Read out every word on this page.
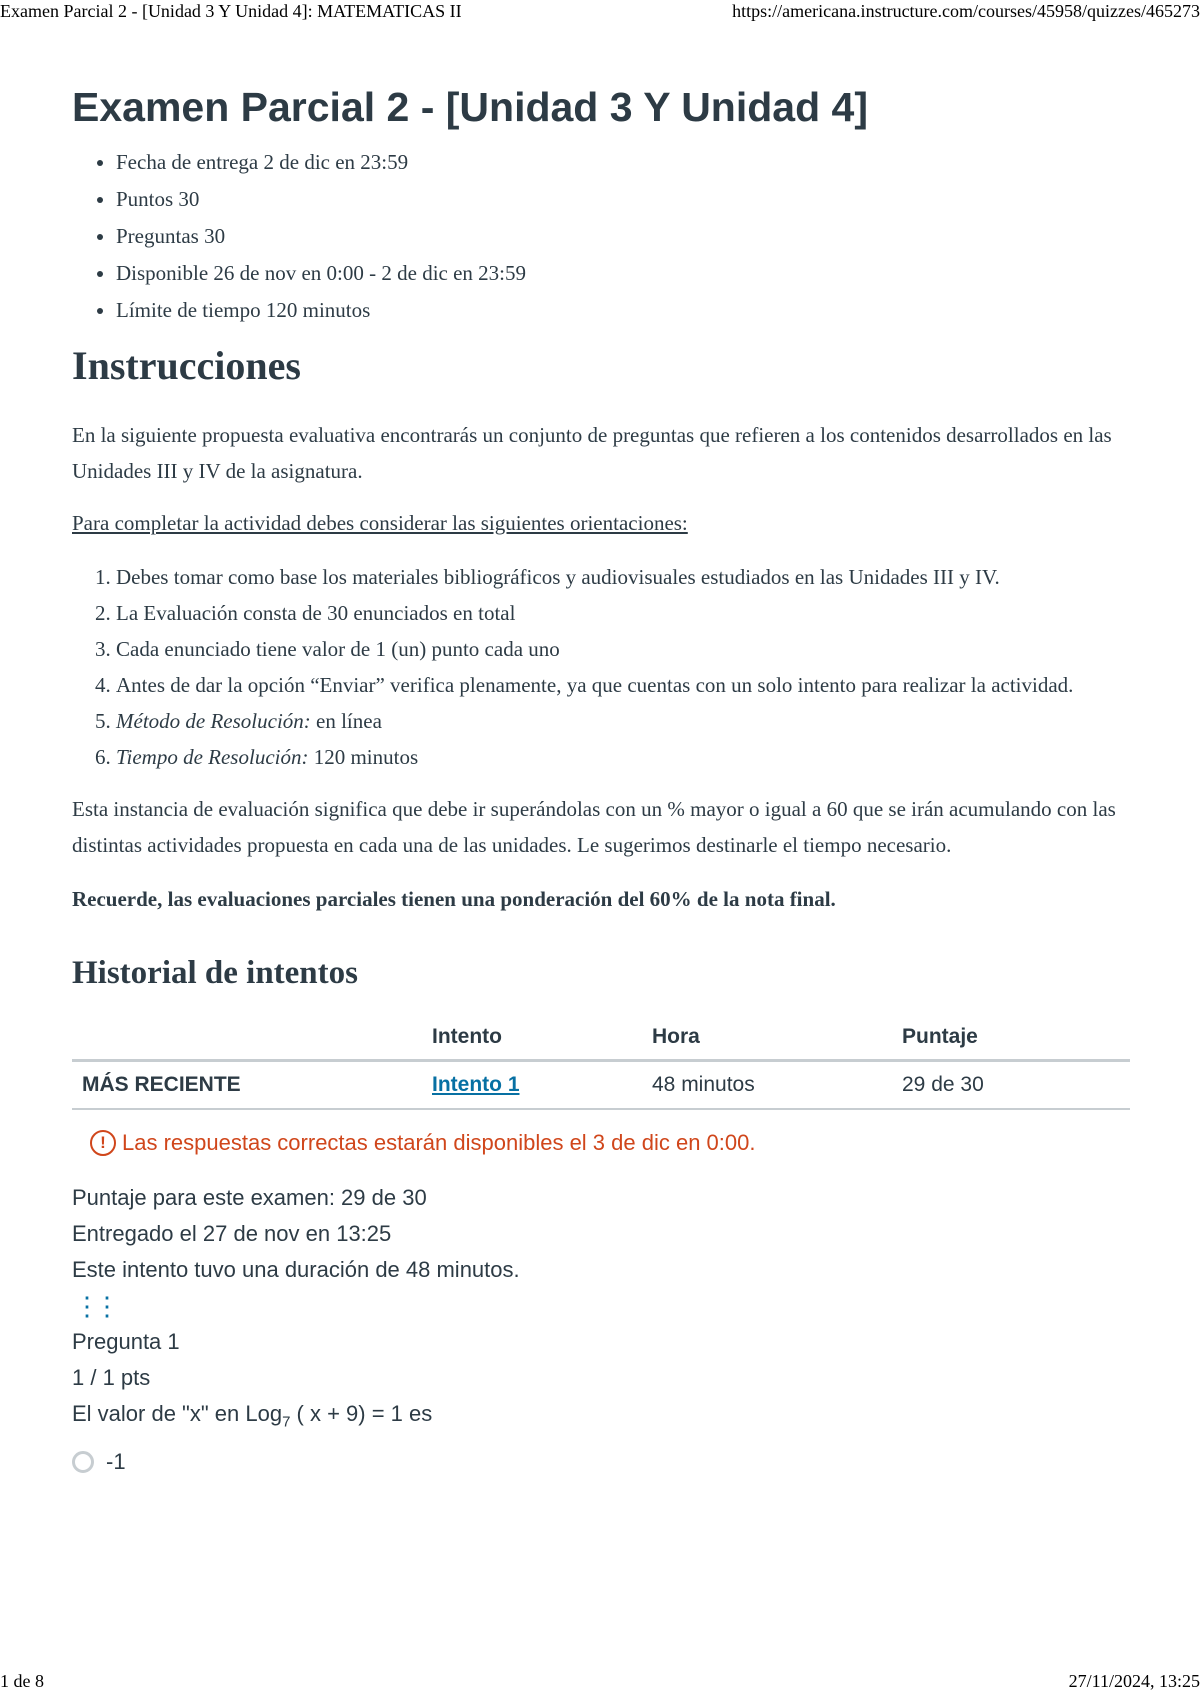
Examen Parcial 2 - [Unidad 3 Y Unidad 4]: MATEMATICAS II	https://americana.instructure.com/courses/45958/quizzes/465273
Examen Parcial 2 - [Unidad 3 Y Unidad 4]
• Fecha de entrega 2 de dic en 23:59
• Puntos 30
• Preguntas 30
• Disponible 26 de nov en 0:00 - 2 de dic en 23:59
• Límite de tiempo 120 minutos
Instrucciones

En la siguiente propuesta evaluativa encontrarás un conjunto de preguntas que refieren a los contenidos desarrollados en las Unidades III y IV de la asignatura.

Para completar la actividad debes considerar las siguientes orientaciones:

1. Debes tomar como base los materiales bibliográficos y audiovisuales estudiados en las Unidades III y IV.
2. La Evaluación consta de 30 enunciados en total
3. Cada enunciado tiene valor de 1 (un) punto cada uno
4. Antes de dar la opción “Enviar” verifica plenamente, ya que cuentas con un solo intento para realizar la actividad.
5. Método de Resolución: en línea
6. Tiempo de Resolución: 120 minutos

Esta instancia de evaluación significa que debe ir superándolas con un % mayor o igual a 60 que se irán acumulando con las distintas actividades propuesta en cada una de las unidades. Le sugerimos destinarle el tiempo necesario.

Recuerde, las evaluaciones parciales tienen una ponderación del 60% de la nota final.

Historial de intentos
	Intento	Hora	Puntaje
MÁS RECIENTE	Intento 1	48 minutos	29 de 30
! Las respuestas correctas estarán disponibles el 3 de dic en 0:00.
Puntaje para este examen: 29 de 30
Entregado el 27 de nov en 13:25
Este intento tuvo una duración de 48 minutos.
⋮⋮
Pregunta 1
1 / 1 pts
El valor de "x" en Log$_7$ ( x + 9) = 1 es
-1
1 de 8	27/11/2024, 13:25
